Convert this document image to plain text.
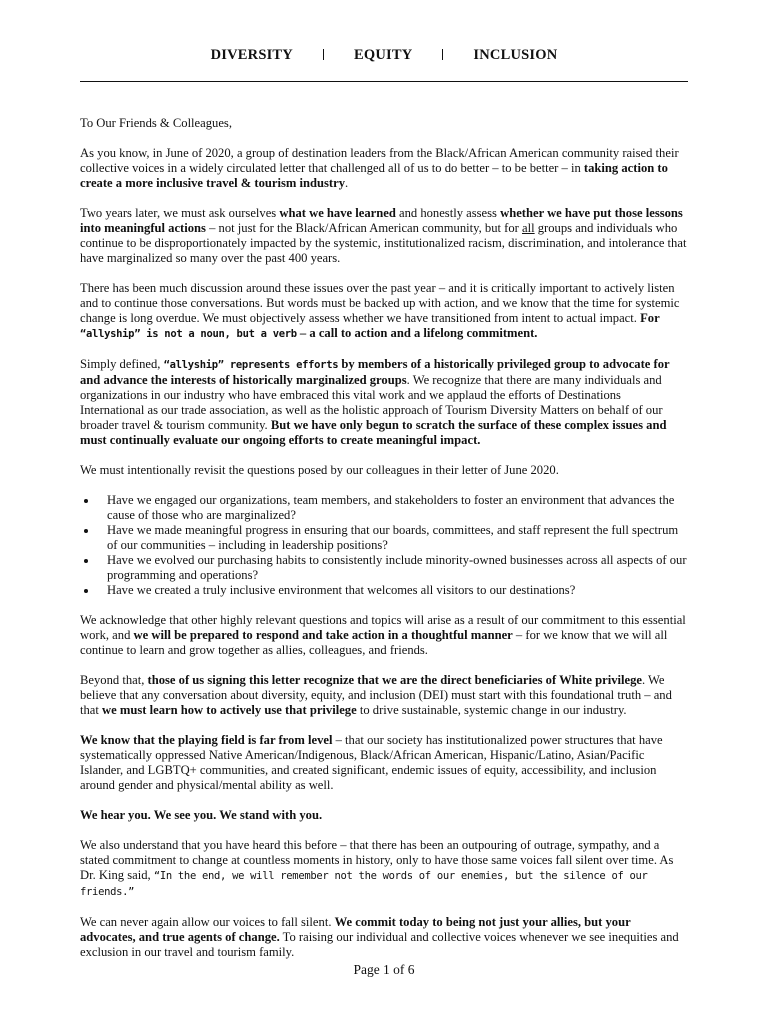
DIVERSITY	EQUITY	INCLUSION

To Our Friends & Colleagues,

As you know, in June of 2020, a group of destination leaders from the Black/African American community raised their collective voices in a widely circulated letter that challenged all of us to do better – to be better – in taking action to create a more inclusive travel & tourism industry.

Two years later, we must ask ourselves what we have learned and honestly assess whether we have put those lessons into meaningful actions – not just for the Black/African American community, but for all groups and individuals who continue to be disproportionately impacted by the systemic, institutionalized racism, discrimination, and intolerance that have marginalized so many over the past 400 years.

There has been much discussion around these issues over the past year – and it is critically important to actively listen and to continue those conversations. But words must be backed up with action, and we know that the time for systemic change is long overdue. We must objectively assess whether we have transitioned from intent to actual impact. For
“allyship” is not a noun, but a verb – a call to action and a lifelong commitment.

Simply defined, “allyship” represents efforts by members of a historically privileged group to advocate for and advance the interests of historically marginalized groups. We recognize that there are many individuals and organizations in our industry who have embraced this vital work and we applaud the efforts of Destinations International as our trade association, as well as the holistic approach of Tourism Diversity Matters on behalf of our broader travel & tourism community. But we have only begun to scratch the surface of these complex issues and must continually evaluate our ongoing efforts to create meaningful impact.

We must intentionally revisit the questions posed by our colleagues in their letter of June 2020.

Have we engaged our organizations, team members, and stakeholders to foster an environment that advances the cause of those who are marginalized?
Have we made meaningful progress in ensuring that our boards, committees, and staff represent the full spectrum of our communities – including in leadership positions?
Have we evolved our purchasing habits to consistently include minority-owned businesses across all aspects of our programming and operations?
Have we created a truly inclusive environment that welcomes all visitors to our destinations?

We acknowledge that other highly relevant questions and topics will arise as a result of our commitment to this essential work, and we will be prepared to respond and take action in a thoughtful manner – for we know that we will all continue to learn and grow together as allies, colleagues, and friends.

Beyond that, those of us signing this letter recognize that we are the direct beneficiaries of White privilege. We believe that any conversation about diversity, equity, and inclusion (DEI) must start with this foundational truth – and that we must learn how to actively use that privilege to drive sustainable, systemic change in our industry.

We know that the playing field is far from level – that our society has institutionalized power structures that have systematically oppressed Native American/Indigenous, Black/African American, Hispanic/Latino, Asian/Pacific Islander, and LGBTQ+ communities, and created significant, endemic issues of equity, accessibility, and inclusion around gender and physical/mental ability as well.

We hear you. We see you. We stand with you.

We also understand that you have heard this before – that there has been an outpouring of outrage, sympathy, and a stated commitment to change at countless moments in history, only to have those same voices fall silent over time. As Dr. King said, “In the end, we will remember not the words of our enemies, but the silence of our friends.”

We can never again allow our voices to fall silent. We commit today to being not just your allies, but your advocates, and true agents of change. To raising our individual and collective voices whenever we see inequities and exclusion in our travel and tourism family.

Page 1 of 6
